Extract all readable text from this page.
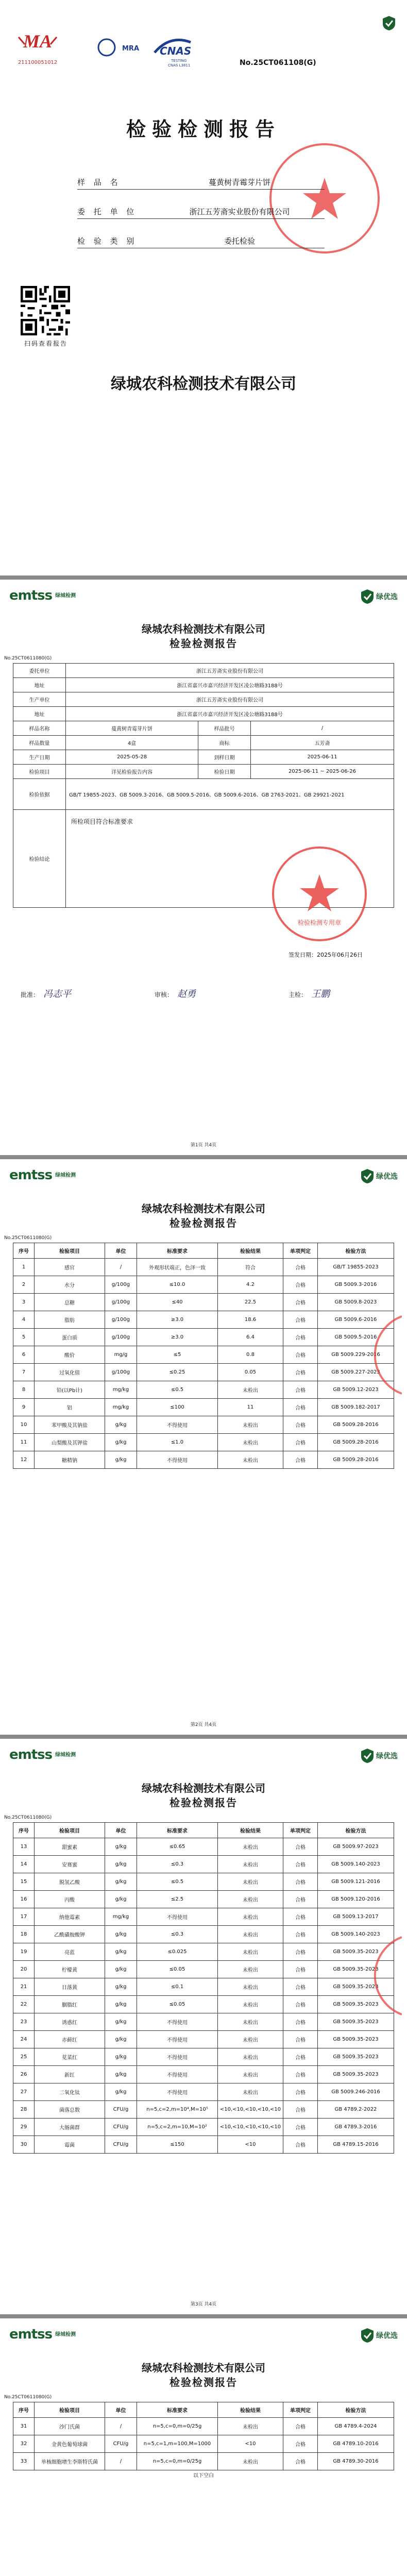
MA
211100051012
MRA CNAS
TESTING
CNAS L3811	No.25CT061108(G)
检验检测报告
样 品 名	蔓黄树青霉芽片饼
委 托 单 位	浙江五芳斋实业股份有限公司
检 验 类 别	委托检验
扫码查看报告
绿城农科检测技术有限公司
emtss 绿城检测	绿优选
绿城农科检测技术有限公司
检验检测报告
No.25CT0611080(G)
委托单位	浙江五芳斋实业股份有限公司		
地址	浙江省嘉兴市嘉兴经济开发区凌公塘路3188号		
生产单位	浙江五芳斋实业股份有限公司		
地址	浙江省嘉兴市嘉兴经济开发区凌公塘路3188号		
样品名称	蔓黄树青霉芽片饼	样品批号	/
样品数量	4盒	商标	五芳斋
生产日期	2025-05-28	到样日期	2025-06-11
检验项目	详见检验报告内容	检验日期	2025-06-11 ~ 2025-06-26
检验依据	GB/T 19855-2023、GB 5009.3-2016、GB 5009.5-2016、GB 5009.6-2016、GB 2763-2021、GB 29921-2021		
检验结论	所检项目符合标准要求		
检验检测专用章
签发日期：2025年06月26日
批准： 冯志平	审核： 赵勇	主检： 王鹏
第1页 共4页
emtss 绿城检测	绿优选
绿城农科检测技术有限公司
检验检测报告
No.25CT0611080(G)
序号	检验项目	单位	标准要求	检验结果	单项判定	检验方法
1	感官	/	外观形状端正，色泽一致	符合	合格	GB/T 19855-2023
2	水分	g/100g	≤10.0	4.2	合格	GB 5009.3-2016
3	总糖	g/100g	≤40	22.5	合格	GB 5009.8-2023
4	脂肪	g/100g	≥3.0	18.6	合格	GB 5009.6-2016
5	蛋白质	g/100g	≥3.0	6.4	合格	GB 5009.5-2016
6	酸价	mg/g	≤5	0.8	合格	GB 5009.229-2016
7	过氧化值	g/100g	≤0.25	0.05	合格	GB 5009.227-2023
8	铅(以Pb计)	mg/kg	≤0.5	未检出	合格	GB 5009.12-2023
9	铝	mg/kg	≤100	11	合格	GB 5009.182-2017
10	苯甲酸及其钠盐	g/kg	不得使用	未检出	合格	GB 5009.28-2016
11	山梨酸及其钾盐	g/kg	≤1.0	未检出	合格	GB 5009.28-2016
12	糖精钠	g/kg	不得使用	未检出	合格	GB 5009.28-2016
第2页 共4页
emtss 绿城检测	绿优选
绿城农科检测技术有限公司
检验检测报告
No.25CT0611080(G)
序号	检验项目	单位	标准要求	检验结果	单项判定	检验方法
13	甜蜜素	g/kg	≤0.65	未检出	合格	GB 5009.97-2023
14	安赛蜜	g/kg	≤0.3	未检出	合格	GB 5009.140-2023
15	脱氢乙酸	g/kg	≤0.5	未检出	合格	GB 5009.121-2016
16	丙酸	g/kg	≤2.5	未检出	合格	GB 5009.120-2016
17	纳他霉素	mg/kg	不得使用	未检出	合格	GB 5009.13-2017
18	乙酰磺胺酸钾	g/kg	≤0.3	未检出	合格	GB 5009.140-2023
19	亮蓝	g/kg	≤0.025	未检出	合格	GB 5009.35-2023
20	柠檬黄	g/kg	≤0.05	未检出	合格	GB 5009.35-2023
21	日落黄	g/kg	≤0.1	未检出	合格	GB 5009.35-2023
22	胭脂红	g/kg	≤0.05	未检出	合格	GB 5009.35-2023
23	诱惑红	g/kg	不得使用	未检出	合格	GB 5009.35-2023
24	赤藓红	g/kg	不得使用	未检出	合格	GB 5009.35-2023
25	苋菜红	g/kg	不得使用	未检出	合格	GB 5009.35-2023
26	新红	g/kg	不得使用	未检出	合格	GB 5009.35-2023
27	二氧化钛	g/kg	不得使用	未检出	合格	GB 5009.246-2016
28	菌落总数	CFU/g	n=5,c=2,m=10⁴,M=10⁵	<10,<10,<10,<10,<10	合格	GB 4789.2-2022
29	大肠菌群	CFU/g	n=5,c=2,m=10,M=10²	<10,<10,<10,<10,<10	合格	GB 4789.3-2016
30	霉菌	CFU/g	≤150	<10	合格	GB 4789.15-2016
第3页 共4页
emtss 绿城检测	绿优选
绿城农科检测技术有限公司
检验检测报告
No.25CT0611080(G)
序号	检验项目	单位	标准要求	检验结果	单项判定	检验方法
31	沙门氏菌	/	n=5,c=0,m=0/25g	未检出	合格	GB 4789.4-2024
32	金黄色葡萄球菌	CFU/g	n=5,c=1,m=100,M=1000	<10	合格	GB 4789.10-2016
33	单核细胞增生李斯特氏菌	/	n=5,c=0,m=0/25g	未检出	合格	GB 4789.30-2016
以下空白
